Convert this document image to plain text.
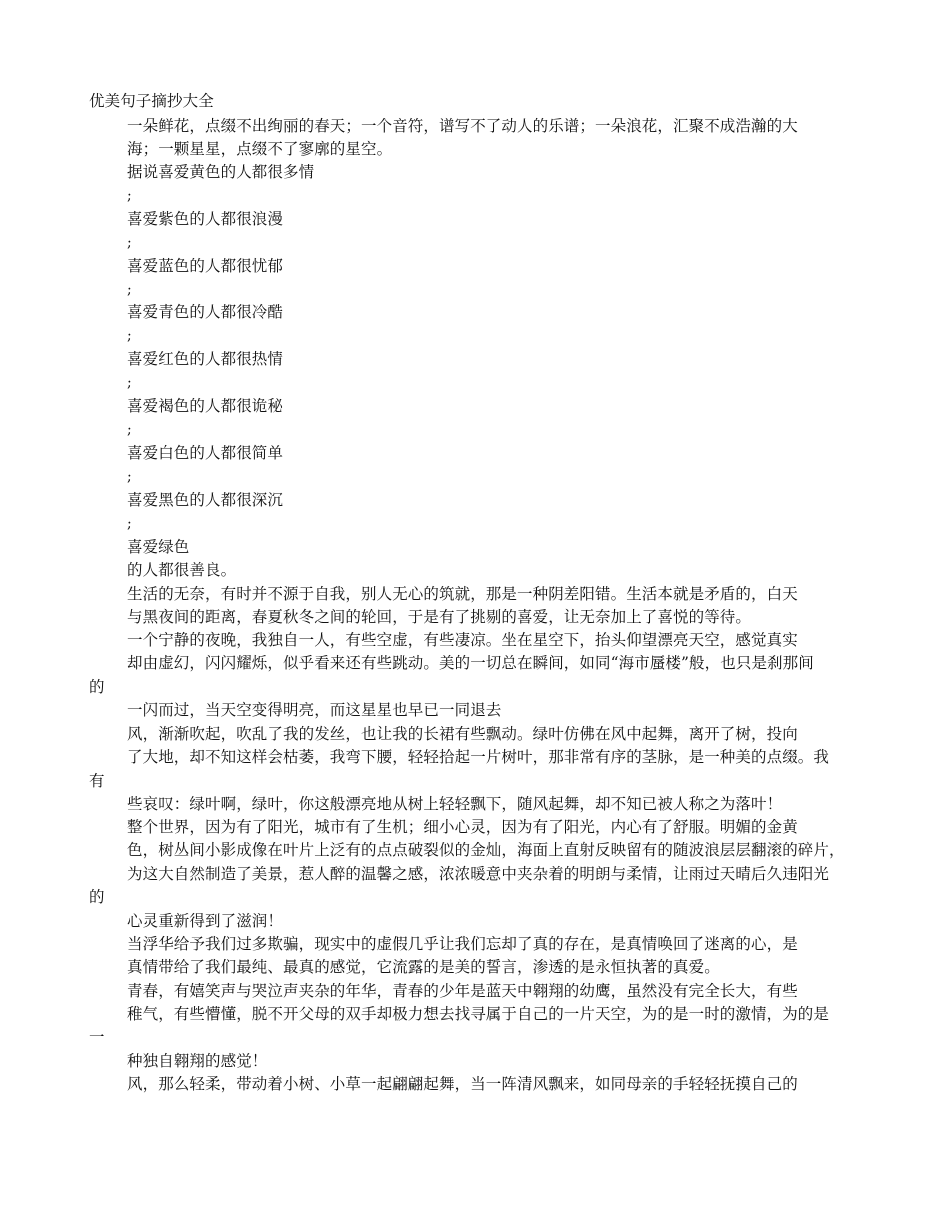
优美句子摘抄大全
一朵鲜花，点缀不出绚丽的春天；一个音符，谱写不了动人的乐谱；一朵浪花，汇聚不成浩瀚的大
海；一颗星星，点缀不了寥廓的星空。
据说喜爱黄色的人都很多情
;
喜爱紫色的人都很浪漫
;
喜爱蓝色的人都很忧郁
;
喜爱青色的人都很冷酷
;
喜爱红色的人都很热情
;
喜爱褐色的人都很诡秘
;
喜爱白色的人都很简单
;
喜爱黑色的人都很深沉
;
喜爱绿色
的人都很善良。
生活的无奈，有时并不源于自我，别人无心的筑就，那是一种阴差阳错。生活本就是矛盾的，白天
与黑夜间的距离，春夏秋冬之间的轮回，于是有了挑剔的喜爱，让无奈加上了喜悦的等待。
一个宁静的夜晚，我独自一人，有些空虚，有些凄凉。坐在星空下，抬头仰望漂亮天空，感觉真实
却由虚幻，闪闪耀烁，似乎看来还有些跳动。美的一切总在瞬间，如同“海市蜃楼”般，也只是刹那间
的
一闪而过，当天空变得明亮，而这星星也早已一同退去
风，渐渐吹起，吹乱了我的发丝，也让我的长裙有些飘动。绿叶仿佛在风中起舞，离开了树，投向
了大地，却不知这样会枯萎，我弯下腰，轻轻拾起一片树叶，那非常有序的茎脉，是一种美的点缀。我
有
些哀叹：绿叶啊，绿叶，你这般漂亮地从树上轻轻飘下，随风起舞，却不知已被人称之为落叶！
整个世界，因为有了阳光，城市有了生机；细小心灵，因为有了阳光，内心有了舒服。明媚的金黄
色，树丛间小影成像在叶片上泛有的点点破裂似的金灿，海面上直射反映留有的随波浪层层翻滚的碎片，
为这大自然制造了美景，惹人醉的温馨之感，浓浓暖意中夹杂着的明朗与柔情，让雨过天晴后久违阳光
的
心灵重新得到了滋润！
当浮华给予我们过多欺骗，现实中的虚假几乎让我们忘却了真的存在，是真情唤回了迷离的心，是
真情带给了我们最纯、最真的感觉，它流露的是美的誓言，渗透的是永恒执著的真爱。
青春，有嬉笑声与哭泣声夹杂的年华，青春的少年是蓝天中翱翔的幼鹰，虽然没有完全长大，有些
稚气，有些懵懂，脱不开父母的双手却极力想去找寻属于自己的一片天空，为的是一时的激情，为的是
一
种独自翱翔的感觉！
风，那么轻柔，带动着小树、小草一起翩翩起舞，当一阵清风飘来，如同母亲的手轻轻抚摸自己的
